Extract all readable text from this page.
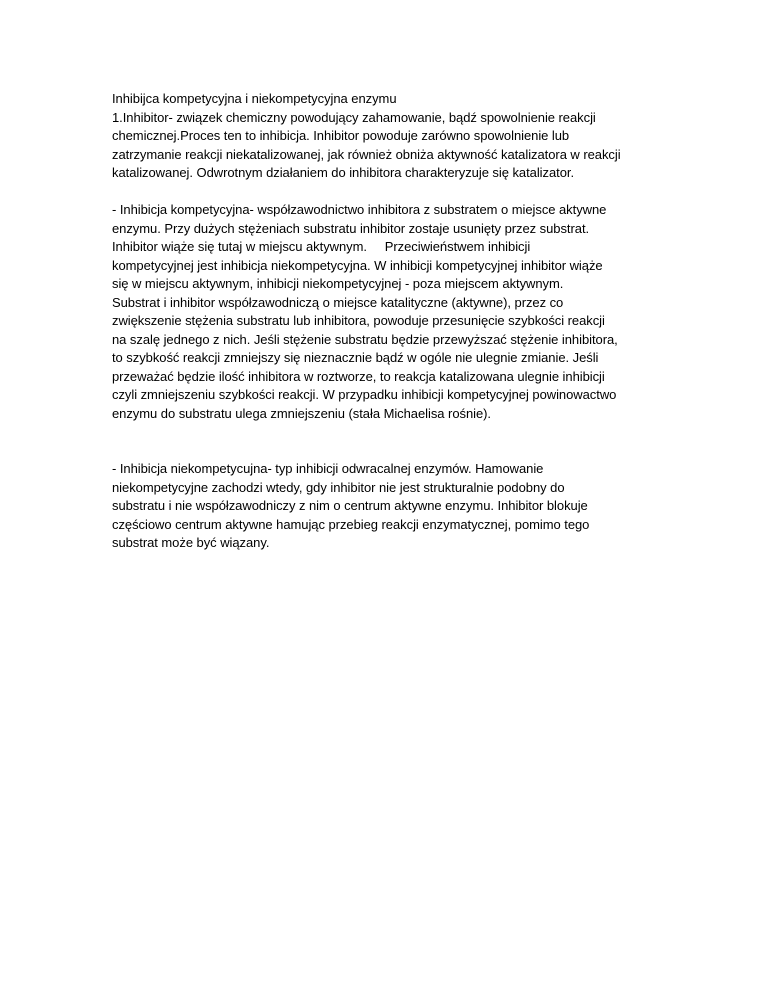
Inhibijca kompetycyjna i niekompetycyjna enzymu
1.Inhibitor- związek chemiczny powodujący zahamowanie, bądź spowolnienie reakcji
chemicznej.Proces ten to inhibicja. Inhibitor powoduje zarówno spowolnienie lub
zatrzymanie reakcji niekatalizowanej, jak również obniża aktywność katalizatora w reakcji
katalizowanej. Odwrotnym działaniem do inhibitora charakteryzuje się katalizator.
- Inhibicja kompetycyjna- współzawodnictwo inhibitora z substratem o miejsce aktywne
enzymu. Przy dużych stężeniach substratu inhibitor zostaje usunięty przez substrat.
Inhibitor wiąże się tutaj w miejscu aktywnym.     Przeciwieństwem inhibicji
kompetycyjnej jest inhibicja niekompetycyjna. W inhibicji kompetycyjnej inhibitor wiąże
się w miejscu aktywnym, inhibicji niekompetycyjnej - poza miejscem aktywnym.
Substrat i inhibitor współzawodniczą o miejsce katalityczne (aktywne), przez co
zwiększenie stężenia substratu lub inhibitora, powoduje przesunięcie szybkości reakcji
na szalę jednego z nich. Jeśli stężenie substratu będzie przewyższać stężenie inhibitora,
to szybkość reakcji zmniejszy się nieznacznie bądź w ogóle nie ulegnie zmianie. Jeśli
przeważać będzie ilość inhibitora w roztworze, to reakcja katalizowana ulegnie inhibicji
czyli zmniejszeniu szybkości reakcji. W przypadku inhibicji kompetycyjnej powinowactwo
enzymu do substratu ulega zmniejszeniu (stała Michaelisa rośnie).
- Inhibicja niekompetycujna- typ inhibicji odwracalnej enzymów. Hamowanie
niekompetycyjne zachodzi wtedy, gdy inhibitor nie jest strukturalnie podobny do
substratu i nie współzawodniczy z nim o centrum aktywne enzymu. Inhibitor blokuje
częściowo centrum aktywne hamując przebieg reakcji enzymatycznej, pomimo tego
substrat może być wiązany.
